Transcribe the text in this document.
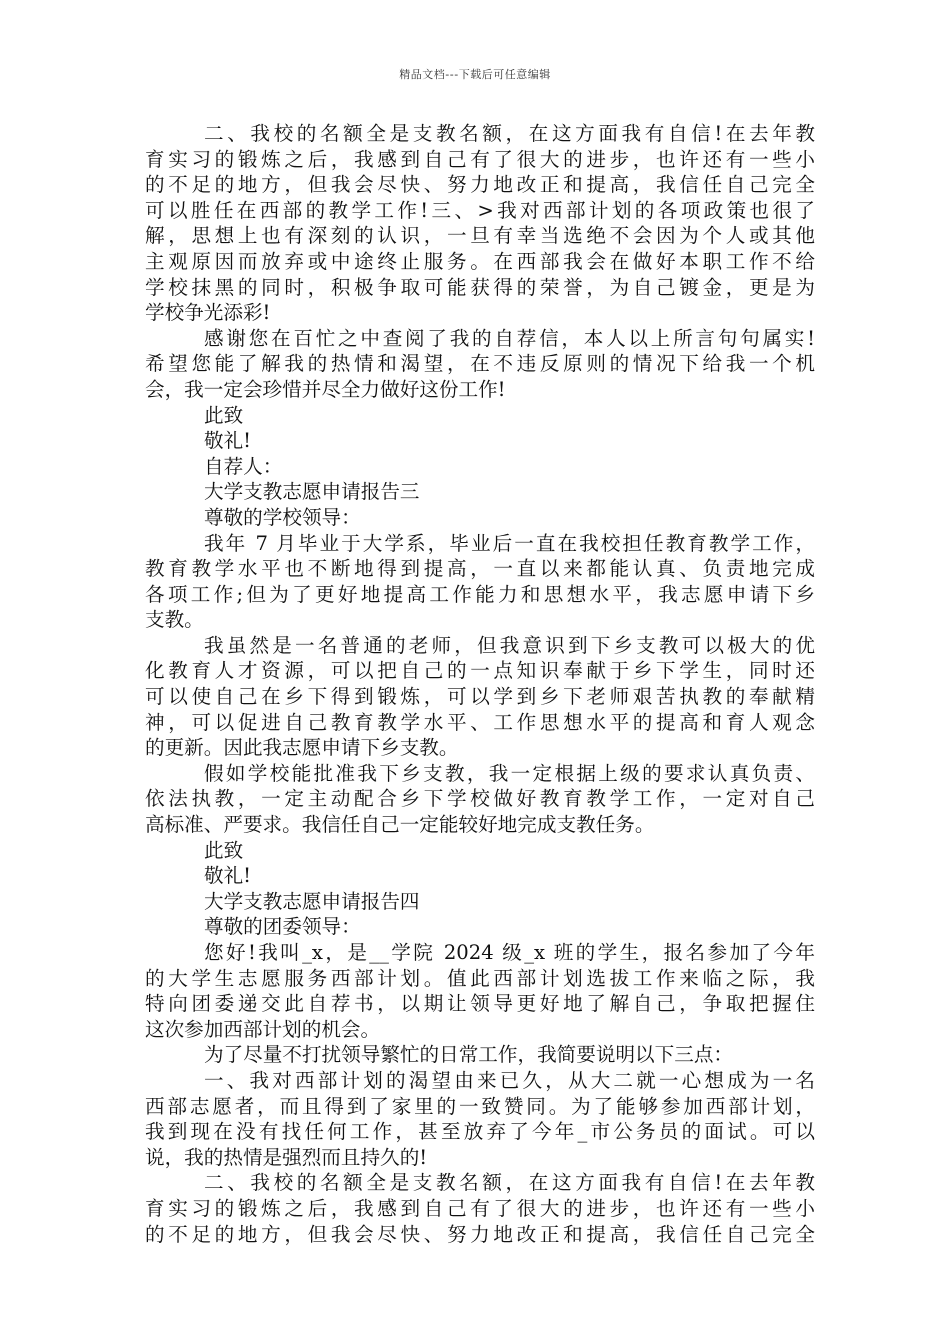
精品文档---下载后可任意编辑
二、我校的名额全是支教名额，在这方面我有自信!在去年教
育实习的锻炼之后，我感到自己有了很大的进步，也许还有一些小
的不足的地方，但我会尽快、努力地改正和提高，我信任自己完全
可以胜任在西部的教学工作!三、>我对西部计划的各项政策也很了
解，思想上也有深刻的认识，一旦有幸当选绝不会因为个人或其他
主观原因而放弃或中途终止服务。在西部我会在做好本职工作不给
学校抹黑的同时，积极争取可能获得的荣誉，为自己镀金，更是为
学校争光添彩!
感谢您在百忙之中查阅了我的自荐信，本人以上所言句句属实!
希望您能了解我的热情和渴望，在不违反原则的情况下给我一个机
会，我一定会珍惜并尽全力做好这份工作!
此致
敬礼!
自荐人：
大学支教志愿申请报告三
尊敬的学校领导：
我年 7 月毕业于大学系，毕业后一直在我校担任教育教学工作，
教育教学水平也不断地得到提高，一直以来都能认真、负责地完成
各项工作;但为了更好地提高工作能力和思想水平，我志愿申请下乡
支教。
我虽然是一名普通的老师，但我意识到下乡支教可以极大的优
化教育人才资源，可以把自己的一点知识奉献于乡下学生，同时还
可以使自己在乡下得到锻炼，可以学到乡下老师艰苦执教的奉献精
神，可以促进自己教育教学水平、工作思想水平的提高和育人观念
的更新。因此我志愿申请下乡支教。
假如学校能批准我下乡支教，我一定根据上级的要求认真负责、
依法执教，一定主动配合乡下学校做好教育教学工作，一定对自己
高标准、严要求。我信任自己一定能较好地完成支教任务。
此致
敬礼!
大学支教志愿申请报告四
尊敬的团委领导：
您好!我叫_x，是__学院 2024 级_x 班的学生，报名参加了今年
的大学生志愿服务西部计划。值此西部计划选拔工作来临之际，我
特向团委递交此自荐书，以期让领导更好地了解自己，争取把握住
这次参加西部计划的机会。
为了尽量不打扰领导繁忙的日常工作，我简要说明以下三点：
一、我对西部计划的渴望由来已久，从大二就一心想成为一名
西部志愿者，而且得到了家里的一致赞同。为了能够参加西部计划，
我到现在没有找任何工作，甚至放弃了今年_市公务员的面试。可以
说，我的热情是强烈而且持久的!
二、我校的名额全是支教名额，在这方面我有自信!在去年教
育实习的锻炼之后，我感到自己有了很大的进步，也许还有一些小
的不足的地方，但我会尽快、努力地改正和提高，我信任自己完全
